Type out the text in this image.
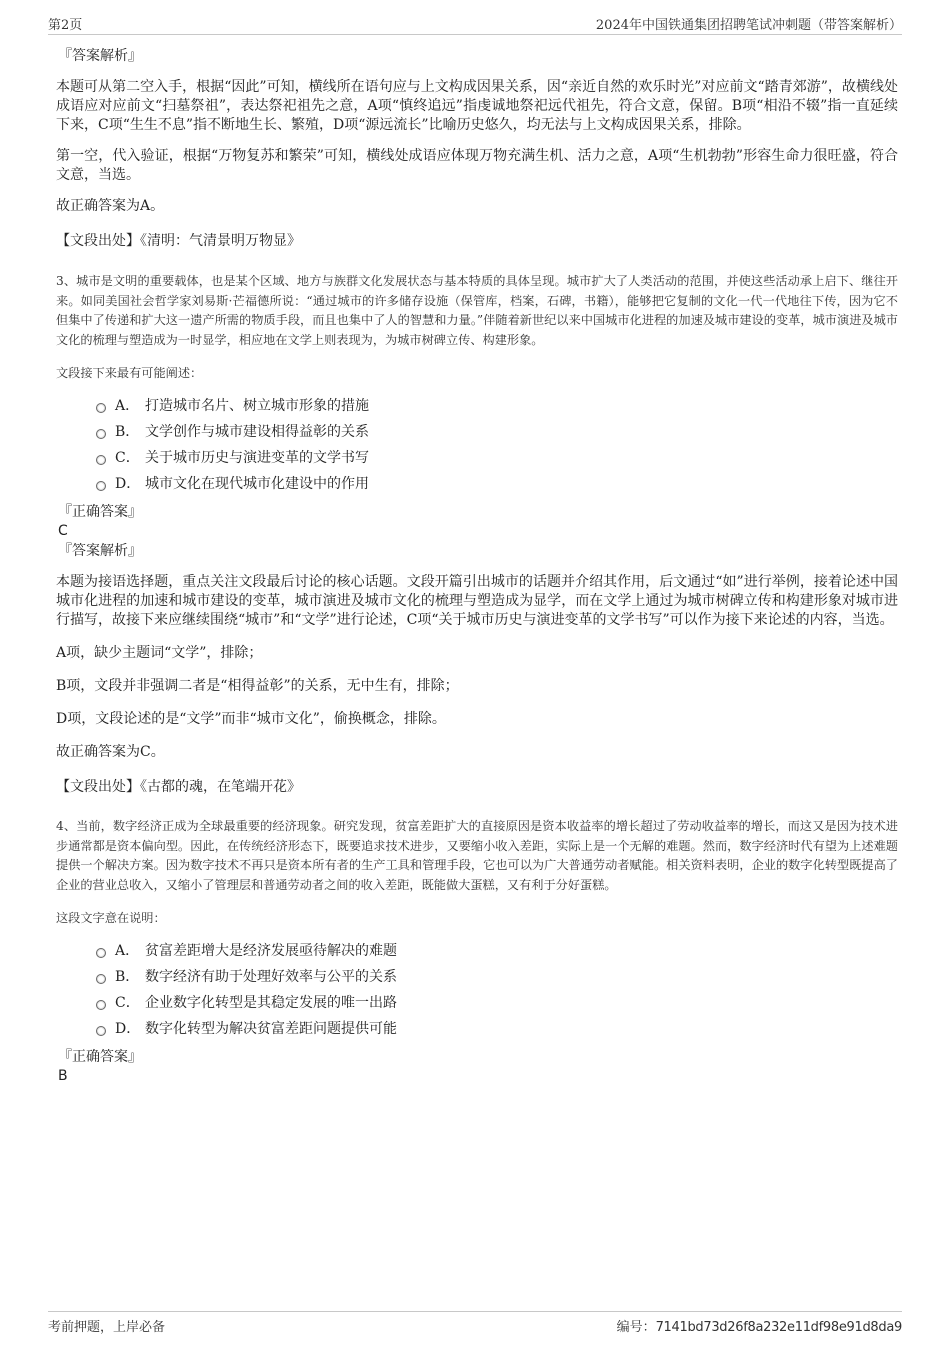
第2页	2024年中国铁通集团招聘笔试冲刺题（带答案解析）
『答案解析』
本题可从第二空入手，根据“因此”可知，横线所在语句应与上文构成因果关系，因“亲近自然的欢乐时光”对应前文“踏青郊游”，故横线处成语应对应前文“扫墓祭祖”，表达祭祀祖先之意，A项“慎终追远”指虔诚地祭祀远代祖先，符合文意，保留。B项“相沿不辍”指一直延续下来，C项“生生不息”指不断地生长、繁殖，D项“源远流长”比喻历史悠久，均无法与上文构成因果关系，排除。
第一空，代入验证，根据“万物复苏和繁荣”可知，横线处成语应体现万物充满生机、活力之意，A项“生机勃勃”形容生命力很旺盛，符合文意，当选。
故正确答案为A。
【文段出处】《清明：气清景明万物显》
3、城市是文明的重要载体，也是某个区域、地方与族群文化发展状态与基本特质的具体呈现。城市扩大了人类活动的范围，并使这些活动承上启下、继往开来。如同美国社会哲学家刘易斯·芒福德所说：“通过城市的许多储存设施（保管库，档案，石碑，书籍），能够把它复制的文化一代一代地往下传，因为它不但集中了传递和扩大这一遗产所需的物质手段，而且也集中了人的智慧和力量。”伴随着新世纪以来中国城市化进程的加速及城市建设的变革，城市演进及城市文化的梳理与塑造成为一时显学，相应地在文学上则表现为，为城市树碑立传、构建形象。
文段接下来最有可能阐述：
A． 打造城市名片、树立城市形象的措施
B． 文学创作与城市建设相得益彰的关系
C． 关于城市历史与演进变革的文学书写
D． 城市文化在现代城市化建设中的作用
『正确答案』
C
『答案解析』
本题为接语选择题，重点关注文段最后讨论的核心话题。文段开篇引出城市的话题并介绍其作用，后文通过“如”进行举例，接着论述中国城市化进程的加速和城市建设的变革，城市演进及城市文化的梳理与塑造成为显学，而在文学上通过为城市树碑立传和构建形象对城市进行描写，故接下来应继续围绕“城市”和“文学”进行论述，C项“关于城市历史与演进变革的文学书写”可以作为接下来论述的内容，当选。
A项，缺少主题词“文学”，排除；
B项，文段并非强调二者是“相得益彰”的关系，无中生有，排除；
D项，文段论述的是“文学”而非“城市文化”，偷换概念，排除。
故正确答案为C。
【文段出处】《古都的魂，在笔端开花》
4、当前，数字经济正成为全球最重要的经济现象。研究发现，贫富差距扩大的直接原因是资本收益率的增长超过了劳动收益率的增长，而这又是因为技术进步通常都是资本偏向型。因此，在传统经济形态下，既要追求技术进步，又要缩小收入差距，实际上是一个无解的难题。然而，数字经济时代有望为上述难题提供一个解决方案。因为数字技术不再只是资本所有者的生产工具和管理手段，它也可以为广大普通劳动者赋能。相关资料表明，企业的数字化转型既提高了企业的营业总收入，又缩小了管理层和普通劳动者之间的收入差距，既能做大蛋糕，又有利于分好蛋糕。
这段文字意在说明：
A． 贫富差距增大是经济发展亟待解决的难题
B． 数字经济有助于处理好效率与公平的关系
C． 企业数字化转型是其稳定发展的唯一出路
D． 数字化转型为解决贫富差距问题提供可能
『正确答案』
B
考前押题，上岸必备	编号：7141bd73d26f8a232e11df98e91d8da9
